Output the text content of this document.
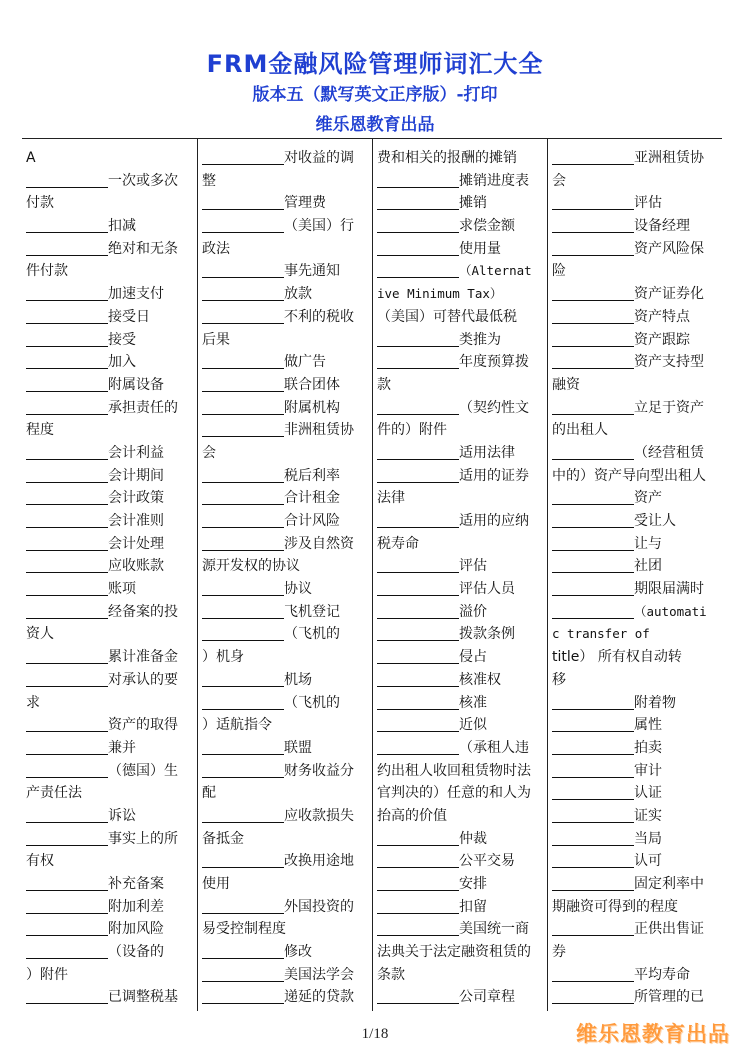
FRM金融风险管理师词汇大全
版本五（默写英文正序版）-打印
维乐恩教育出品
A
一次或多次
付款
扣减
绝对和无条
件付款
加速支付
接受日
接受
加入
附属设备
承担责任的
程度
会计利益
会计期间
会计政策
会计准则
会计处理
应收账款
账项
经备案的投
资人
累计准备金
对承认的要
求
资产的取得
兼并
（德国）生
产责任法
诉讼
事实上的所
有权
补充备案
附加利差
附加风险
（设备的
）附件
已调整税基
对收益的调
整
管理费
（美国）行
政法
事先通知
放款
不利的税收
后果
做广告
联合团体
附属机构
非洲租赁协
会
税后利率
合计租金
合计风险
涉及自然资
源开发权的协议
协议
飞机登记
（飞机的
）机身
机场
（飞机的
）适航指令
联盟
财务收益分
配
应收款损失
备抵金
改换用途地
使用
外国投资的
易受控制程度
修改
美国法学会
递延的贷款
费和相关的报酬的摊销
摊销进度表
摊销
求偿金额
使用量
（Alternat
ive Minimum Tax）
（美国）可替代最低税
类推为
年度预算拨
款
（契约性文
件的）附件
适用法律
适用的证券
法律
适用的应纳
税寿命
评估
评估人员
溢价
拨款条例
侵占
核准权
核准
近似
（承租人违
约出租人收回租赁物时法
官判决的）任意的和人为
抬高的价值
仲裁
公平交易
安排
扣留
美国统一商
法典关于法定融资租赁的
条款
公司章程
亚洲租赁协
会
评估
设备经理
资产风险保
险
资产证券化
资产特点
资产跟踪
资产支持型
融资
立足于资产
的出租人
（经营租赁
中的）资产导向型出租人
资产
受让人
让与
社团
期限届满时
（automati
c transfer of
title） 所有权自动转
移
附着物
属性
拍卖
审计
认证
证实
当局
认可
固定利率中
期融资可得到的程度
正供出售证
券
平均寿命
所管理的已
1/18	维乐恩教育出品
